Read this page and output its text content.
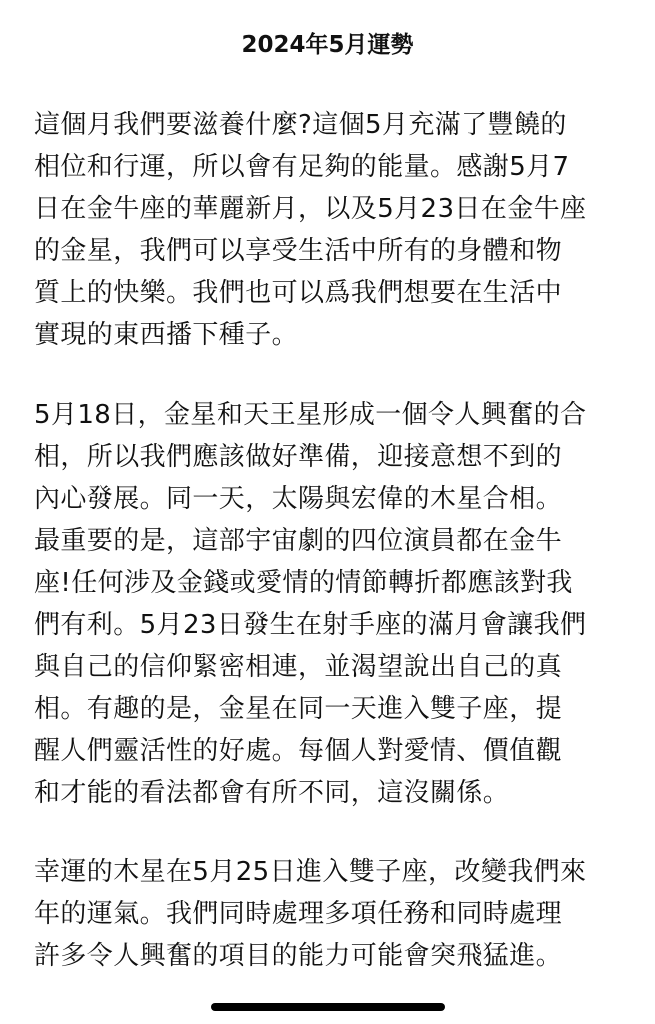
2024年5月運勢
這個月我們要滋養什麼?這個5月充滿了豐饒的
相位和行運，所以會有足夠的能量。感謝5月7
日在金牛座的華麗新月，以及5月23日在金牛座
的金星，我們可以享受生活中所有的身體和物
質上的快樂。我們也可以爲我們想要在生活中
實現的東西播下種子。
5月18日，金星和天王星形成一個令人興奮的合
相，所以我們應該做好準備，迎接意想不到的
內心發展。同一天，太陽與宏偉的木星合相。
最重要的是，這部宇宙劇的四位演員都在金牛
座!任何涉及金錢或愛情的情節轉折都應該對我
們有利。5月23日發生在射手座的滿月會讓我們
與自己的信仰緊密相連，並渴望說出自己的真
相。有趣的是，金星在同一天進入雙子座，提
醒人們靈活性的好處。每個人對愛情、價值觀
和才能的看法都會有所不同，這沒關係。
幸運的木星在5月25日進入雙子座，改變我們來
年的運氣。我們同時處理多項任務和同時處理
許多令人興奮的項目的能力可能會突飛猛進。
